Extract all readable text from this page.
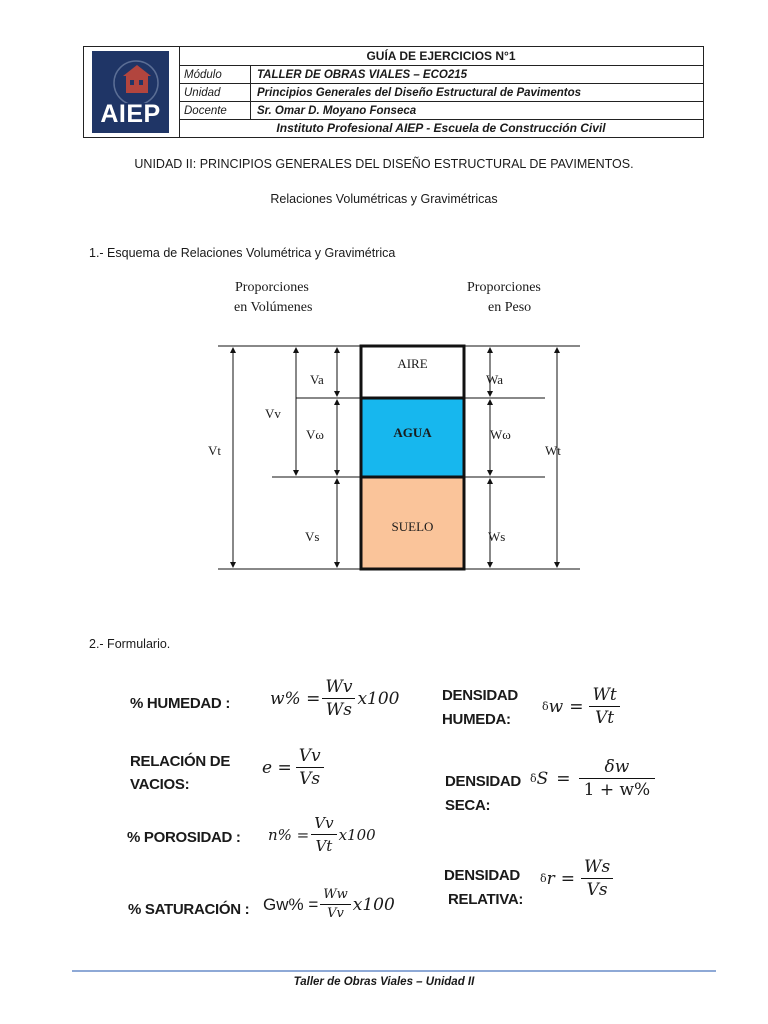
AIEP
GUÍA DE EJERCICIOS N°1
Módulo	TALLER DE OBRAS VIALES – ECO215
Unidad	Principios Generales del Diseño Estructural de Pavimentos
Docente	Sr. Omar D. Moyano Fonseca
Instituto Profesional AIEP - Escuela de Construcción Civil
UNIDAD II: PRINCIPIOS GENERALES DEL DISEÑO ESTRUCTURAL DE PAVIMENTOS.
Relaciones Volumétricas y Gravimétricas
1.- Esquema de Relaciones Volumétrica y Gravimétrica
Proporciones
en Volúmenes
Proporciones
en Peso
AIRE
AGUA
SUELO
Va
Vv
Vω
Vt
Vs
Wa
Wω
Wt
Ws
2.- Formulario.
% HUMEDAD : $w\% = \frac{Wv}{Ws} x100$
RELACIÓN DE
VACIOS:
$e = \frac{Vv}{Vs}$
% POROSIDAD : $n\% = \frac{Vv}{Vt} x100$
% SATURACIÓN : $Gw\% = \frac{Ww}{Vv} x100$
DENSIDAD
HUMEDA:
δ $w = \frac{Wt}{Vt}$
DENSIDAD
SECA:
δ $S = \frac{\delta w}{1 + w\%}$
DENSIDAD
RELATIVA:
δ $r = \frac{Ws}{Vs}$
Taller de Obras Viales – Unidad II
